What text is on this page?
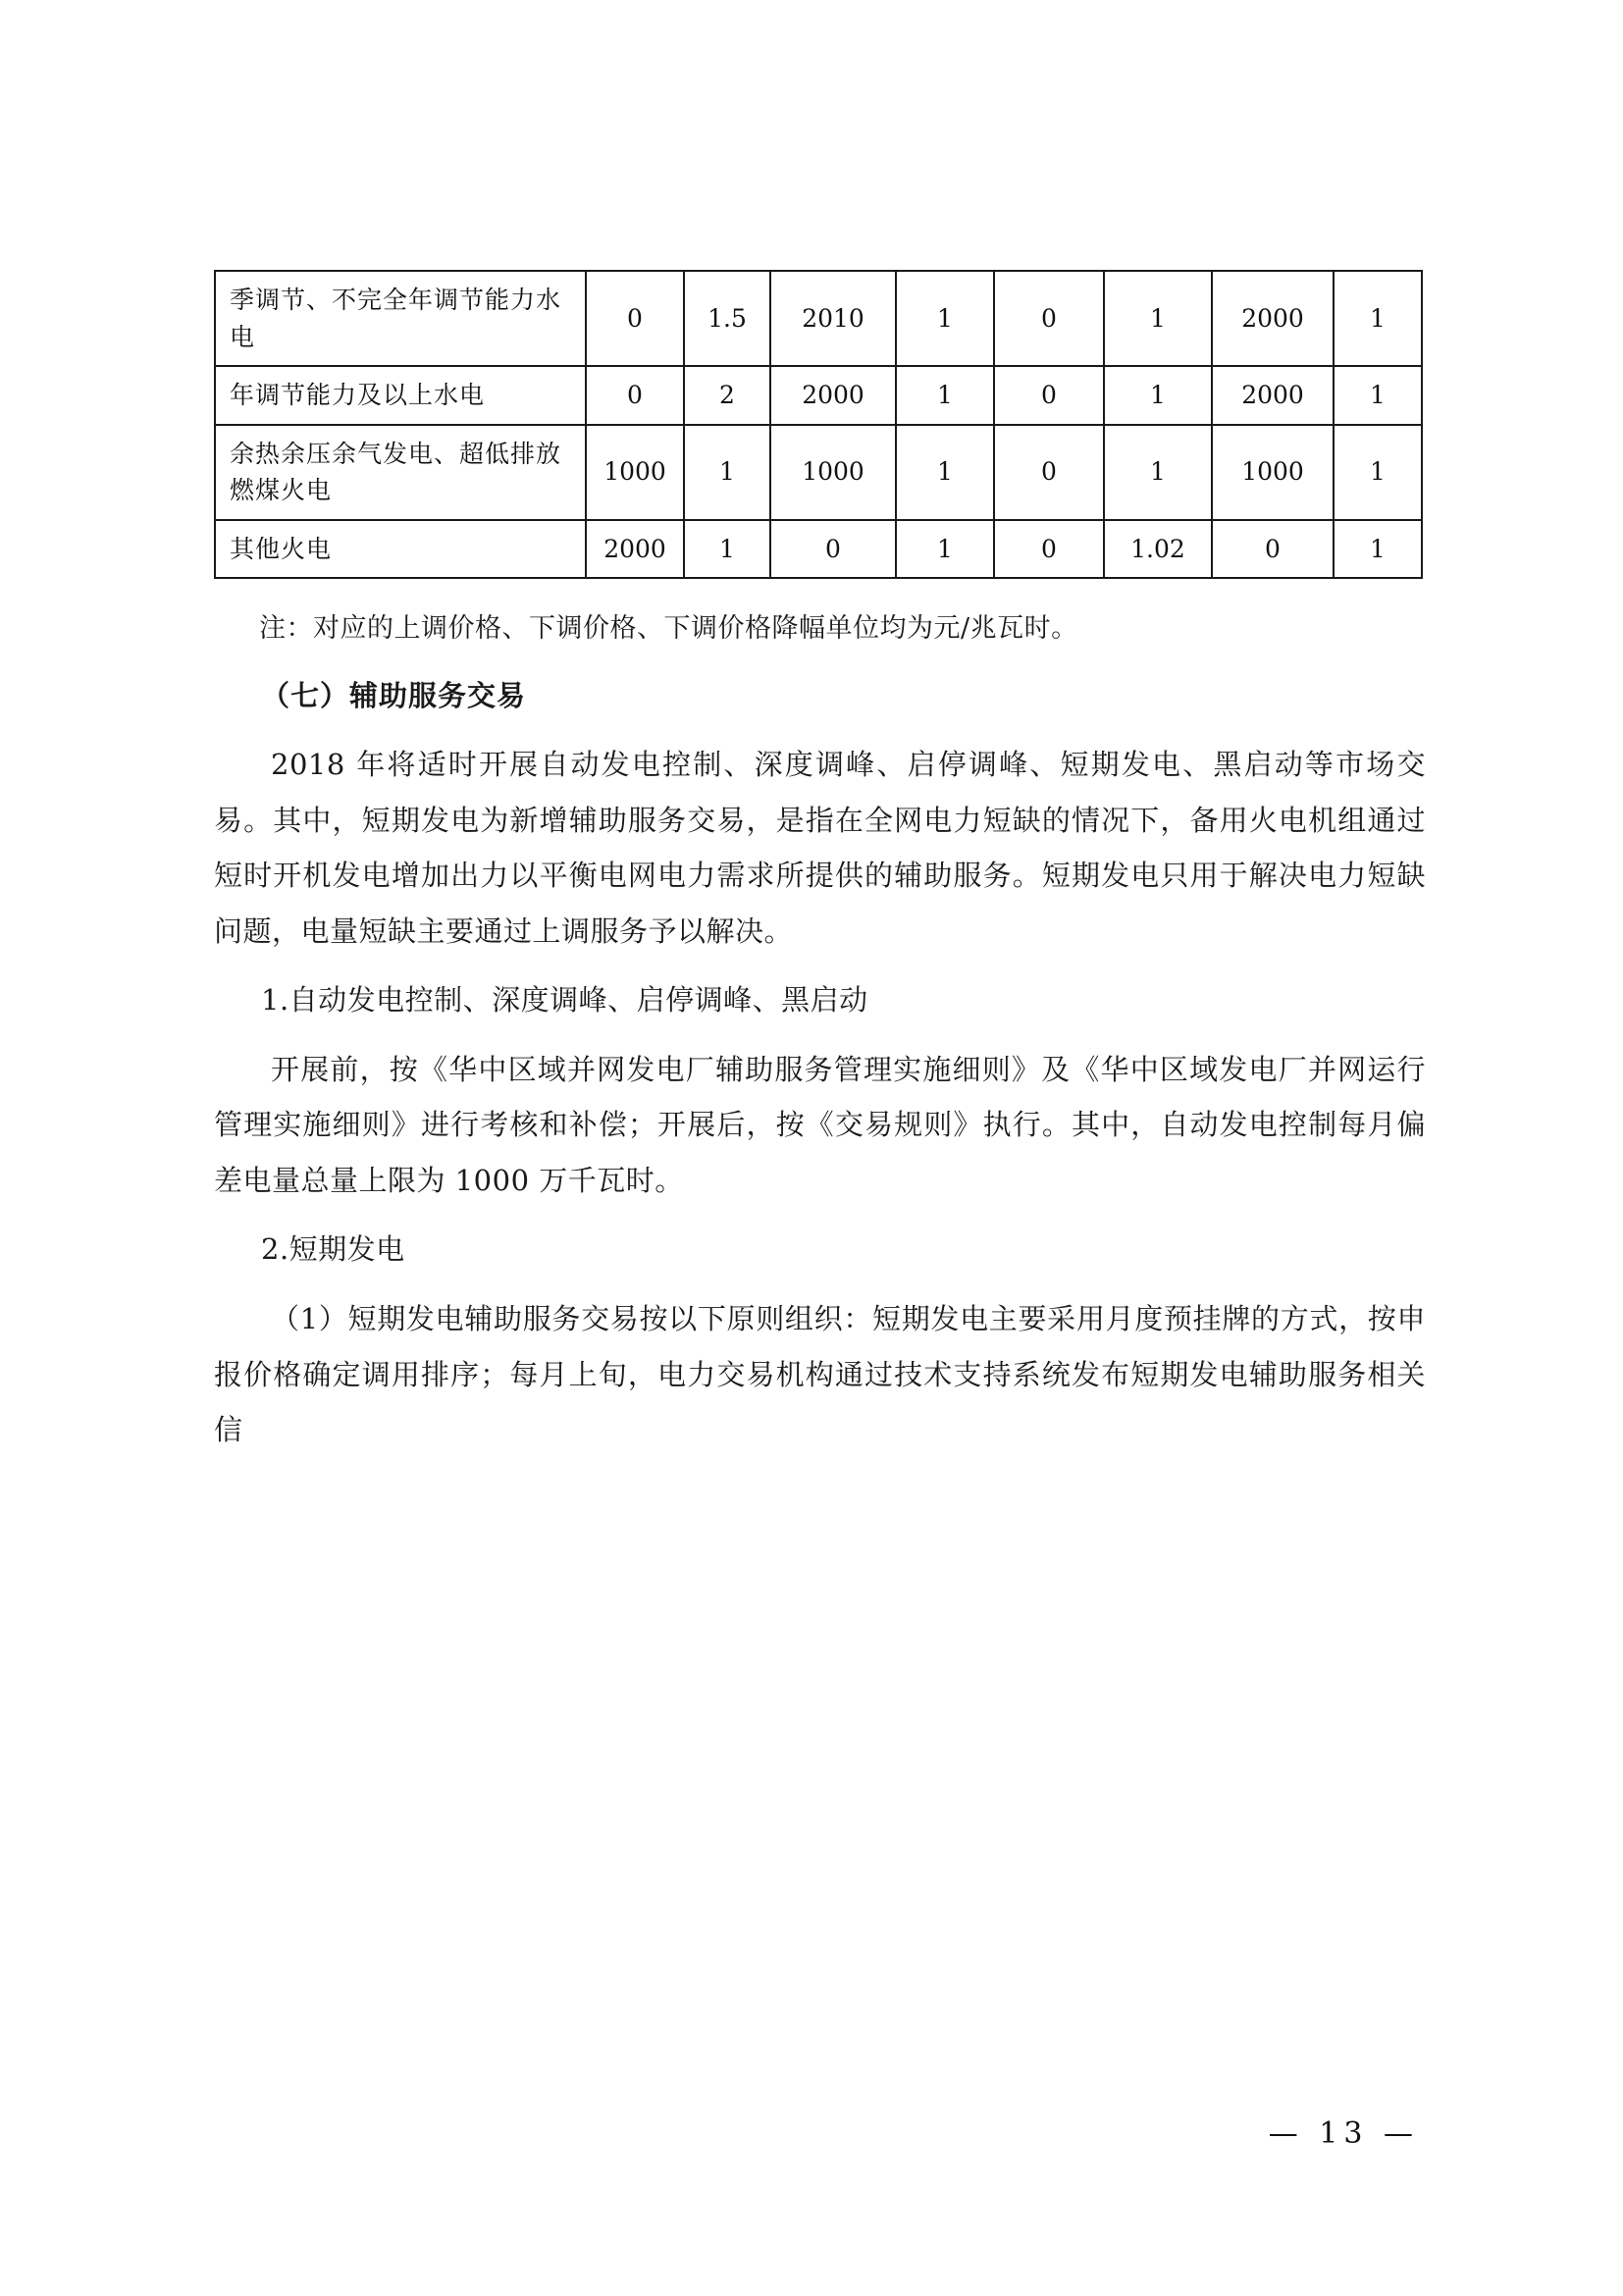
季调节、不完全年调节能力水电	0	1.5	2010	1	0	1	2000	1
年调节能力及以上水电	0	2	2000	1	0	1	2000	1
余热余压余气发电、超低排放燃煤火电	1000	1	1000	1	0	1	1000	1
其他火电	2000	1	0	1	0	1.02	0	1
注：对应的上调价格、下调价格、下调价格降幅单位均为元/兆瓦时。
（七）辅助服务交易

2018 年将适时开展自动发电控制、深度调峰、启停调峰、短期发电、黑启动等市场交易。其中，短期发电为新增辅助服务交易，是指在全网电力短缺的情况下，备用火电机组通过短时开机发电增加出力以平衡电网电力需求所提供的辅助服务。短期发电只用于解决电力短缺问题，电量短缺主要通过上调服务予以解决。

1.自动发电控制、深度调峰、启停调峰、黑启动

开展前，按《华中区域并网发电厂辅助服务管理实施细则》及《华中区域发电厂并网运行管理实施细则》进行考核和补偿；开展后，按《交易规则》执行。其中，自动发电控制每月偏差电量总量上限为 1000 万千瓦时。

2.短期发电

（1）短期发电辅助服务交易按以下原则组织：短期发电主要采用月度预挂牌的方式，按申报价格确定调用排序；每月上旬，电力交易机构通过技术支持系统发布短期发电辅助服务相关信

— 13 —
